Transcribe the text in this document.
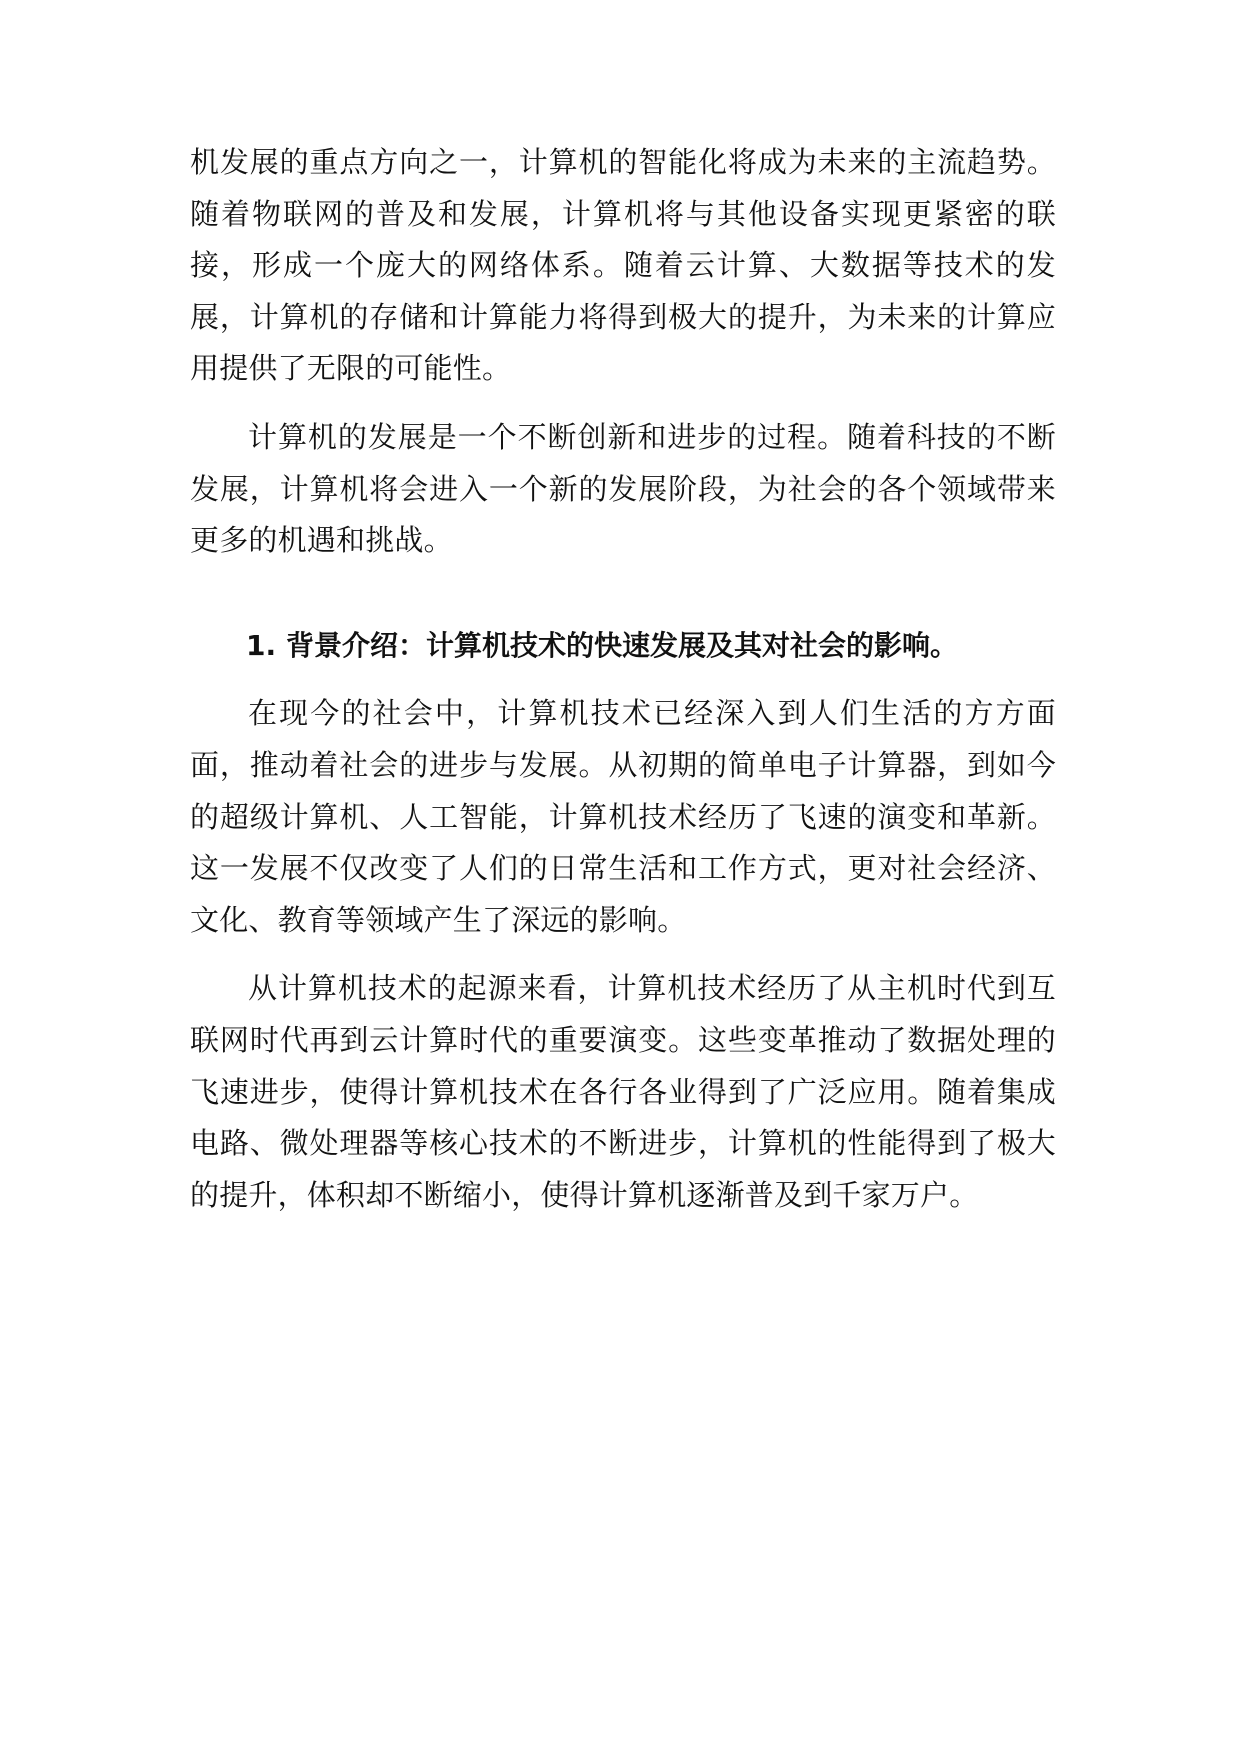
机发展的重点方向之一，计算机的智能化将成为未来的主流趋势。随着物联网的普及和发展，计算机将与其他设备实现更紧密的联接，形成一个庞大的网络体系。随着云计算、大数据等技术的发展，计算机的存储和计算能力将得到极大的提升，为未来的计算应用提供了无限的可能性。

计算机的发展是一个不断创新和进步的过程。随着科技的不断发展，计算机将会进入一个新的发展阶段，为社会的各个领域带来更多的机遇和挑战。

1. 背景介绍：计算机技术的快速发展及其对社会的影响。

在现今的社会中，计算机技术已经深入到人们生活的方方面面，推动着社会的进步与发展。从初期的简单电子计算器，到如今的超级计算机、人工智能，计算机技术经历了飞速的演变和革新。这一发展不仅改变了人们的日常生活和工作方式，更对社会经济、文化、教育等领域产生了深远的影响。

从计算机技术的起源来看，计算机技术经历了从主机时代到互联网时代再到云计算时代的重要演变。这些变革推动了数据处理的飞速进步，使得计算机技术在各行各业得到了广泛应用。随着集成电路、微处理器等核心技术的不断进步，计算机的性能得到了极大的提升，体积却不断缩小，使得计算机逐渐普及到千家万户。
